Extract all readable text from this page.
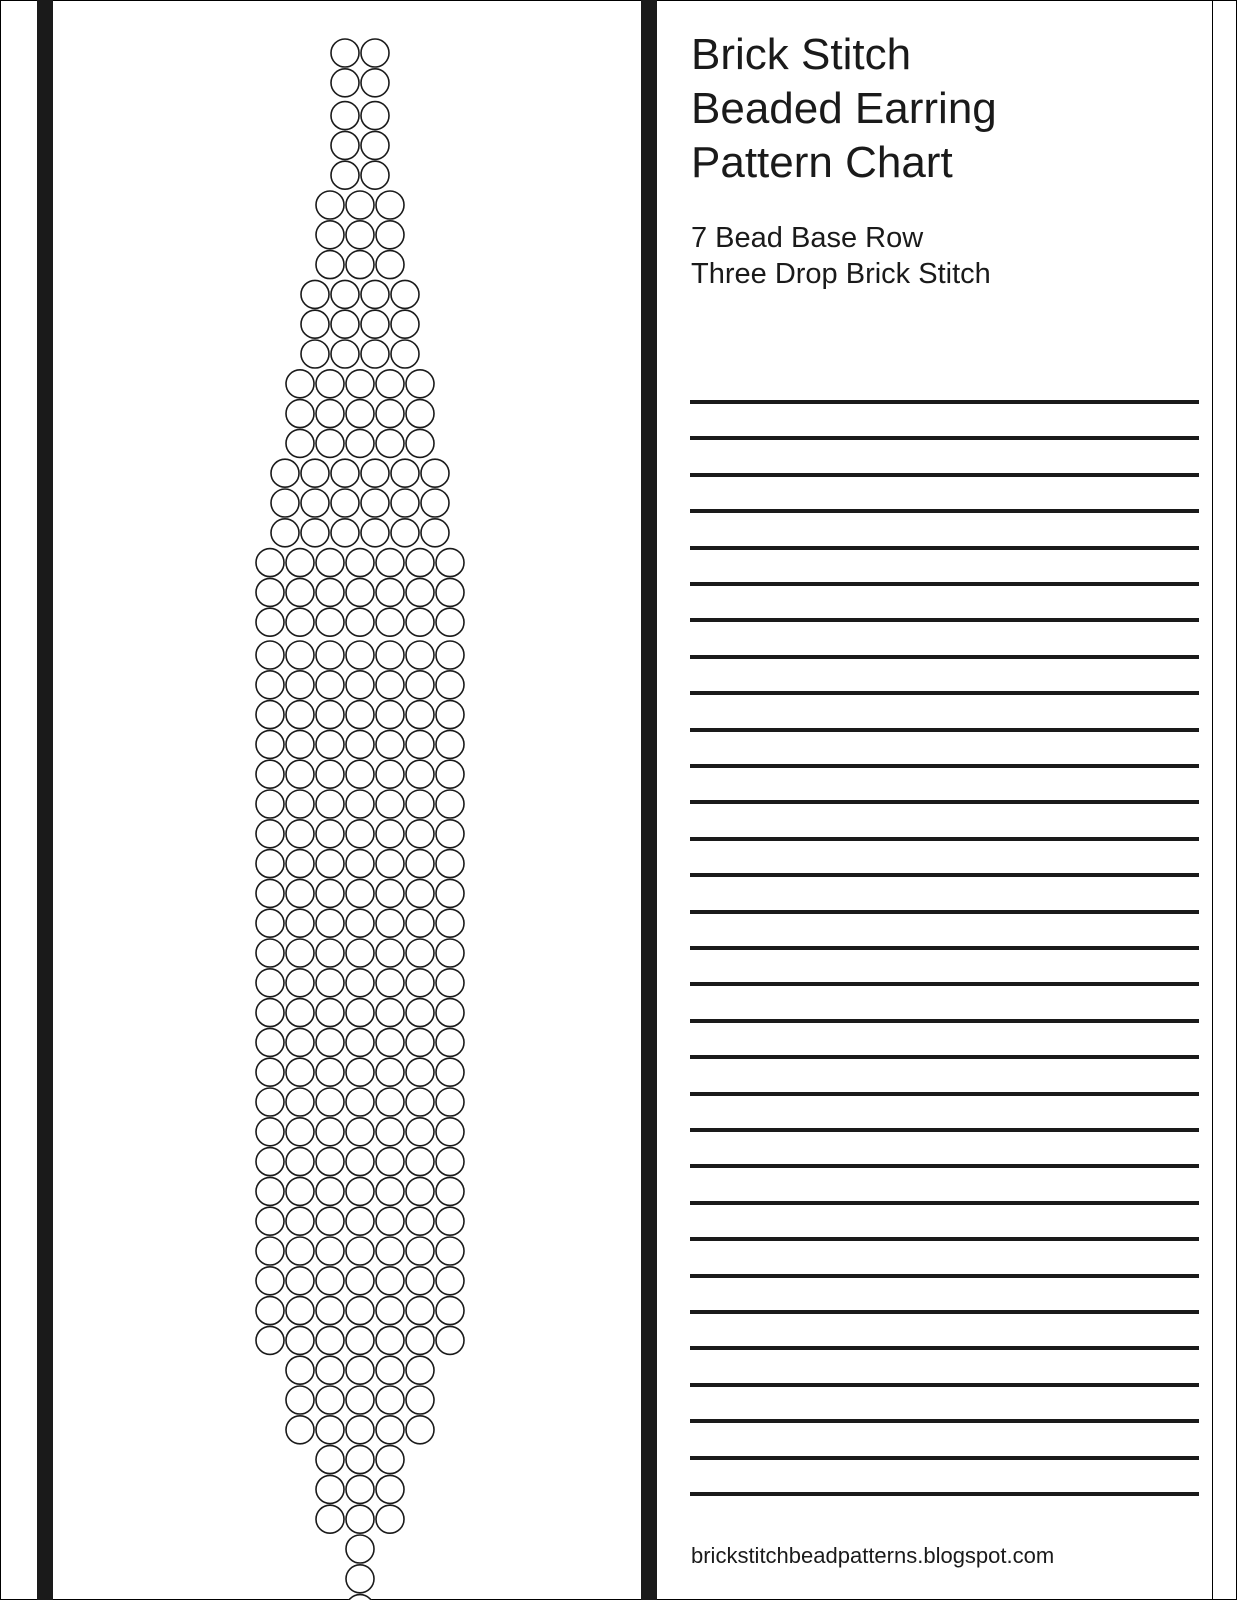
Brick Stitch
Beaded Earring
Pattern Chart
7 Bead Base Row
Three Drop Brick Stitch
brickstitchbeadpatterns.blogspot.com
